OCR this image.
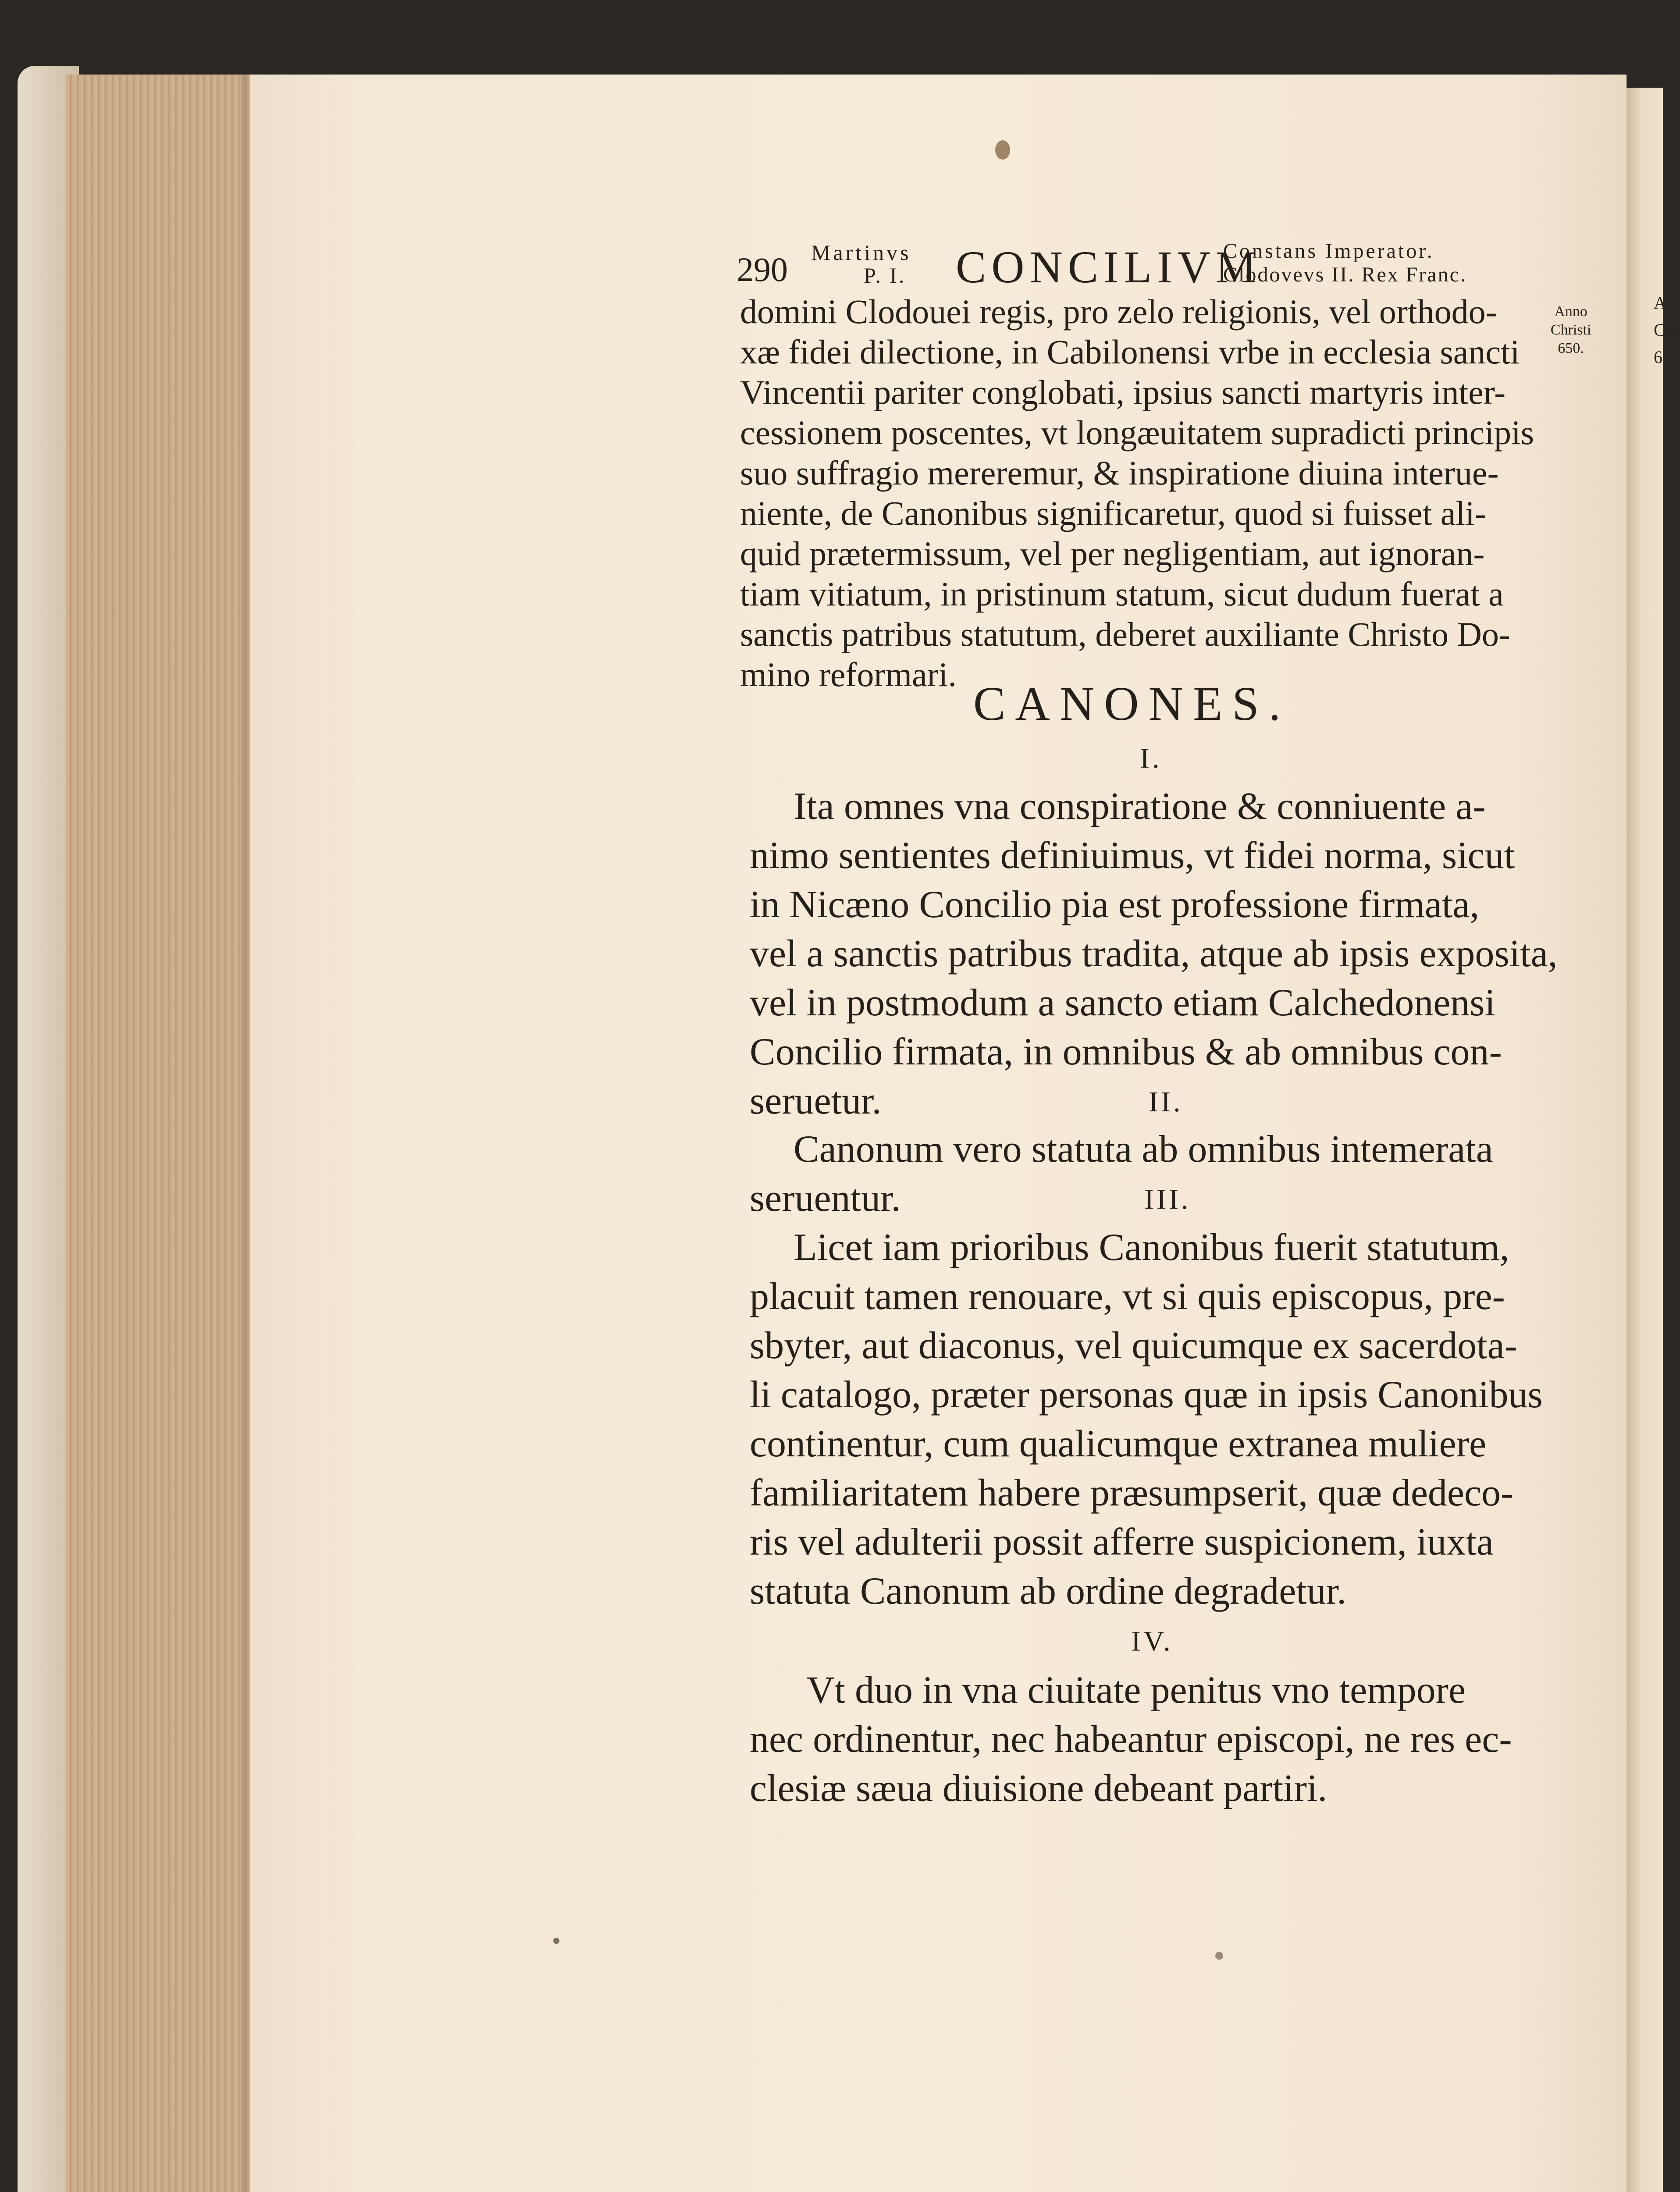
A
Chr
6
290 Martinvs
P. I. CONCILIVM
Constans Imperator.
Clodovevs II. Rex Franc.
Anno
Christi
650.
domini Clodouei regis, pro zelo religionis, vel orthodo-
xæ fidei dilectione, in Cabilonensi vrbe in ecclesia sancti
Vincentii pariter conglobati, ipsius sancti martyris inter-
cessionem poscentes, vt longæuitatem supradicti principis
suo suffragio mereremur, & inspiratione diuina interue-
niente, de Canonibus significaretur, quod si fuisset ali-
quid prætermissum, vel per negligentiam, aut ignoran-
tiam vitiatum, in pristinum statum, sicut dudum fuerat a
sanctis patribus statutum, deberet auxiliante Christo Do-
mino reformari.
CANONES.
I.
Ita omnes vna conspiratione & conniuente a-
nimo sentientes definiuimus, vt fidei norma, sicut
in Nicæno Concilio pia est professione firmata,
vel a sanctis patribus tradita, atque ab ipsis exposita,
vel in postmodum a sancto etiam Calchedonensi
Concilio firmata, in omnibus & ab omnibus con-
seruetur.	II.
Canonum vero statuta ab omnibus intemerata
seruentur.	III.
Licet iam prioribus Canonibus fuerit statutum,
placuit tamen renouare, vt si quis episcopus, pre-
sbyter, aut diaconus, vel quicumque ex sacerdota-
li catalogo, præter personas quæ in ipsis Canonibus
continentur, cum qualicumque extranea muliere
familiaritatem habere præsumpserit, quæ dedeco-
ris vel adulterii possit afferre suspicionem, iuxta
statuta Canonum ab ordine degradetur.
IV.
Vt duo in vna ciuitate penitus vno tempore
nec ordinentur, nec habeantur episcopi, ne res ec-
clesiæ sæua diuisione debeant partiri.
